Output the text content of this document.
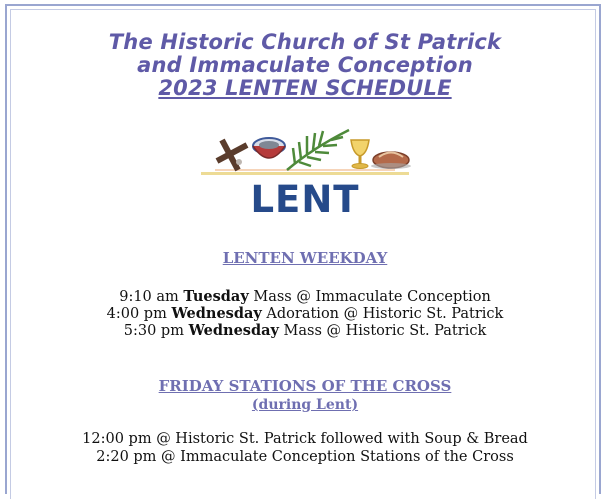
The Historic Church of St Patrick
and Immaculate Conception
2023 LENTEN SCHEDULE
LENT
LENTEN WEEKDAY
9:10 am Tuesday Mass @ Immaculate Conception
4:00 pm Wednesday Adoration @ Historic St. Patrick
5:30 pm Wednesday Mass @ Historic St. Patrick
FRIDAY STATIONS OF THE CROSS
(during Lent)
12:00 pm @ Historic St. Patrick followed with Soup & Bread
2:20 pm @ Immaculate Conception Stations of the Cross
